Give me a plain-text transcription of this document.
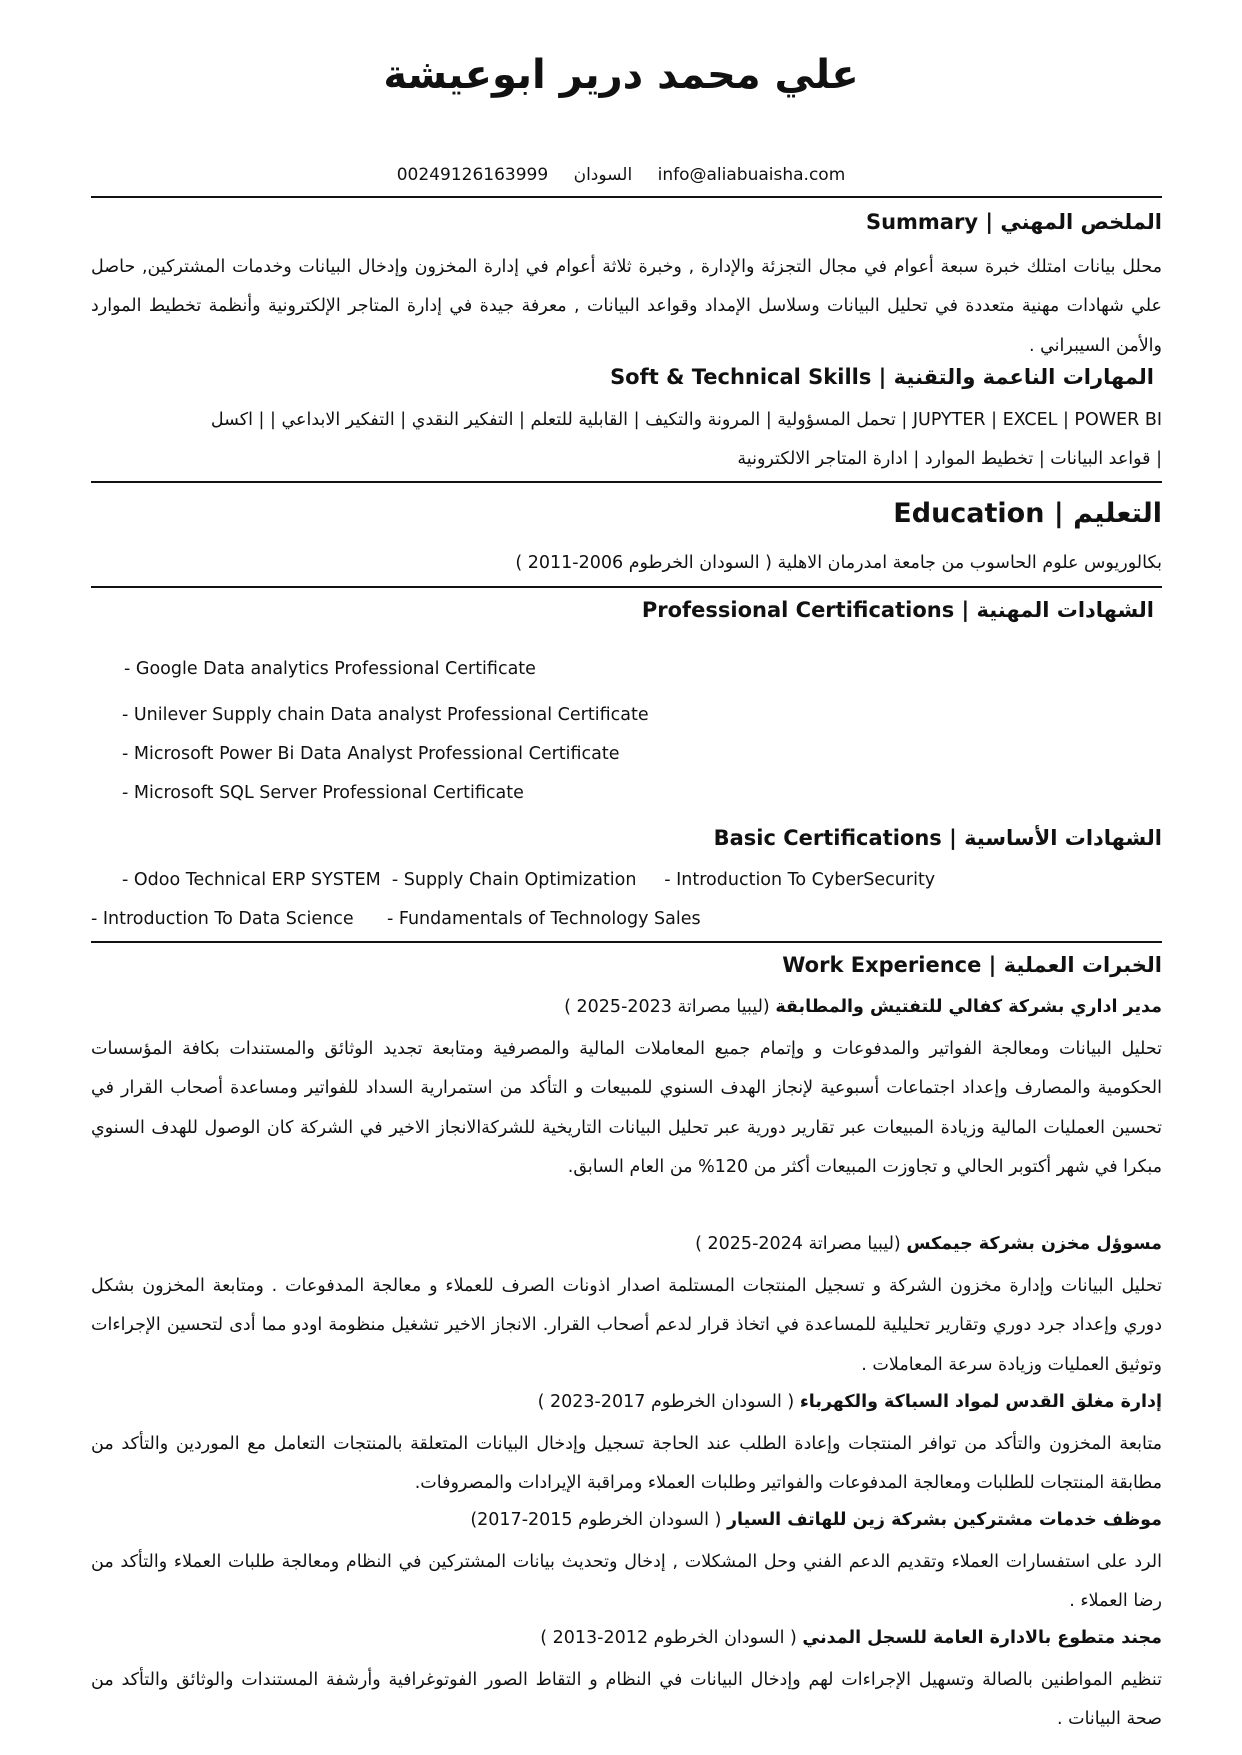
علي محمد درير ابوعيشة
00249126163999 السودان info@aliabuaisha.com
الملخص المهني | Summary
محلل بيانات امتلك خبرة سبعة أعوام في مجال التجزئة والإدارة , وخبرة ثلاثة أعوام في إدارة المخزون وإدخال البيانات وخدمات المشتركين, حاصل علي شهادات مهنية متعددة في تحليل البيانات وسلاسل الإمداد وقواعد البيانات , معرفة جيدة في إدارة المتاجر الإلكترونية وأنظمة تخطيط الموارد والأمن السيبراني .
المهارات الناعمة والتقنية | Soft & Technical Skills
JUPYTER | EXCEL | POWER BI | تحمل المسؤولية | المرونة والتكيف | القابلية للتعلم | التفكير النقدي | التفكير الابداعي | | اكسل
| قواعد البيانات | تخطيط الموارد | ادارة المتاجر الالكترونية
التعليم | Education
بكالوريوس علوم الحاسوب من جامعة امدرمان الاهلية ( السودان الخرطوم 2006-2011 )
الشهادات المهنية | Professional Certifications
- Google Data analytics Professional Certificate
- Unilever Supply chain Data analyst Professional Certificate
- Microsoft Power Bi Data Analyst Professional Certificate
- Microsoft SQL Server Professional Certificate
الشهادات الأساسية | Basic Certifications
- Odoo Technical ERP SYSTEM  - Supply Chain Optimization     - Introduction To CyberSecurity
- Introduction To Data Science      - Fundamentals of Technology Sales
الخبرات العملية | Work Experience
مدير اداري بشركة كفالي للتفتيش والمطابقة (ليبيا مصراتة 2023-2025 )
تحليل البيانات ومعالجة الفواتير والمدفوعات و وإتمام جميع المعاملات المالية والمصرفية ومتابعة تجديد الوثائق والمستندات بكافة المؤسسات الحكومية والمصارف وإعداد اجتماعات أسبوعية لإنجاز الهدف السنوي للمبيعات و التأكد من استمرارية السداد للفواتير ومساعدة أصحاب القرار في تحسين العمليات المالية وزيادة المبيعات عبر تقارير دورية عبر تحليل البيانات التاريخية للشركةالانجاز الاخير في الشركة كان الوصول للهدف السنوي مبكرا في شهر أكتوبر الحالي و تجاوزت المبيعات أكثر من 120% من العام السابق.
مسوؤل مخزن بشركة جيمكس (ليبيا مصراتة 2024-2025 )
تحليل البيانات وإدارة مخزون الشركة و تسجيل المنتجات المستلمة اصدار اذونات الصرف للعملاء و معالجة المدفوعات . ومتابعة المخزون بشكل دوري وإعداد جرد دوري وتقارير تحليلية للمساعدة في اتخاذ قرار لدعم أصحاب القرار. الانجاز الاخير تشغيل منظومة اودو مما أدى لتحسين الإجراءات وتوثيق العمليات وزيادة سرعة المعاملات .
إدارة مغلق القدس لمواد السباكة والكهرباء ( السودان الخرطوم 2017-2023 )
متابعة المخزون والتأكد من توافر المنتجات وإعادة الطلب عند الحاجة تسجيل وإدخال البيانات المتعلقة بالمنتجات التعامل مع الموردين والتأكد من مطابقة المنتجات للطلبات ومعالجة المدفوعات والفواتير وطلبات العملاء ومراقبة الإيرادات والمصروفات.
موظف خدمات مشتركين بشركة زين للهاتف السيار ( السودان الخرطوم 2015-2017)
الرد على استفسارات العملاء وتقديم الدعم الفني وحل المشكلات , إدخال وتحديث بيانات المشتركين في النظام ومعالجة طلبات العملاء والتأكد من رضا العملاء .
مجند متطوع بالادارة العامة للسجل المدني ( السودان الخرطوم 2012-2013 )
تنظيم المواطنين بالصالة وتسهيل الإجراءات لهم وإدخال البيانات في النظام و التقاط الصور الفوتوغرافية وأرشفة المستندات والوثائق والتأكد من صحة البيانات .
